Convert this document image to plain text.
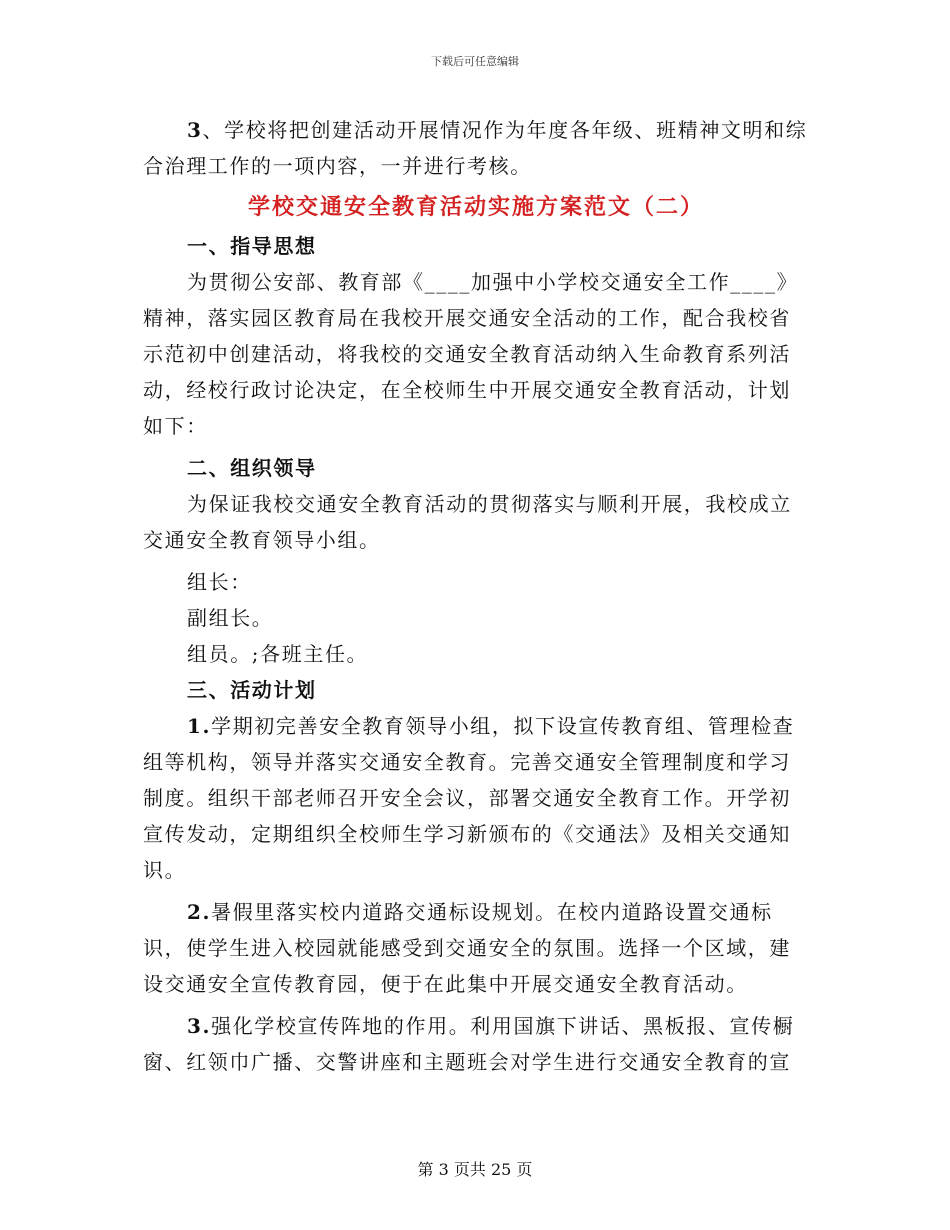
下载后可任意编辑

3、学校将把创建活动开展情况作为年度各年级、班精神文明和综合治理工作的一项内容，一并进行考核。

学校交通安全教育活动实施方案范文（二）

一、指导思想

为贯彻公安部、教育部《____加强中小学校交通安全工作____》精神，落实园区教育局在我校开展交通安全活动的工作，配合我校省示范初中创建活动，将我校的交通安全教育活动纳入生命教育系列活动，经校行政讨论决定，在全校师生中开展交通安全教育活动，计划如下：

二、组织领导

为保证我校交通安全教育活动的贯彻落实与顺利开展，我校成立交通安全教育领导小组。

组长：

副组长。

组员。;各班主任。

三、活动计划

1.学期初完善安全教育领导小组，拟下设宣传教育组、管理检查组等机构，领导并落实交通安全教育。完善交通安全管理制度和学习制度。组织干部老师召开安全会议，部署交通安全教育工作。开学初宣传发动，定期组织全校师生学习新颁布的《交通法》及相关交通知识。

2.暑假里落实校内道路交通标设规划。在校内道路设置交通标识，使学生进入校园就能感受到交通安全的氛围。选择一个区域，建设交通安全宣传教育园，便于在此集中开展交通安全教育活动。

3.强化学校宣传阵地的作用。利用国旗下讲话、黑板报、宣传橱窗、红领巾广播、交警讲座和主题班会对学生进行交通安全教育的宣

第 3 页共 25 页
